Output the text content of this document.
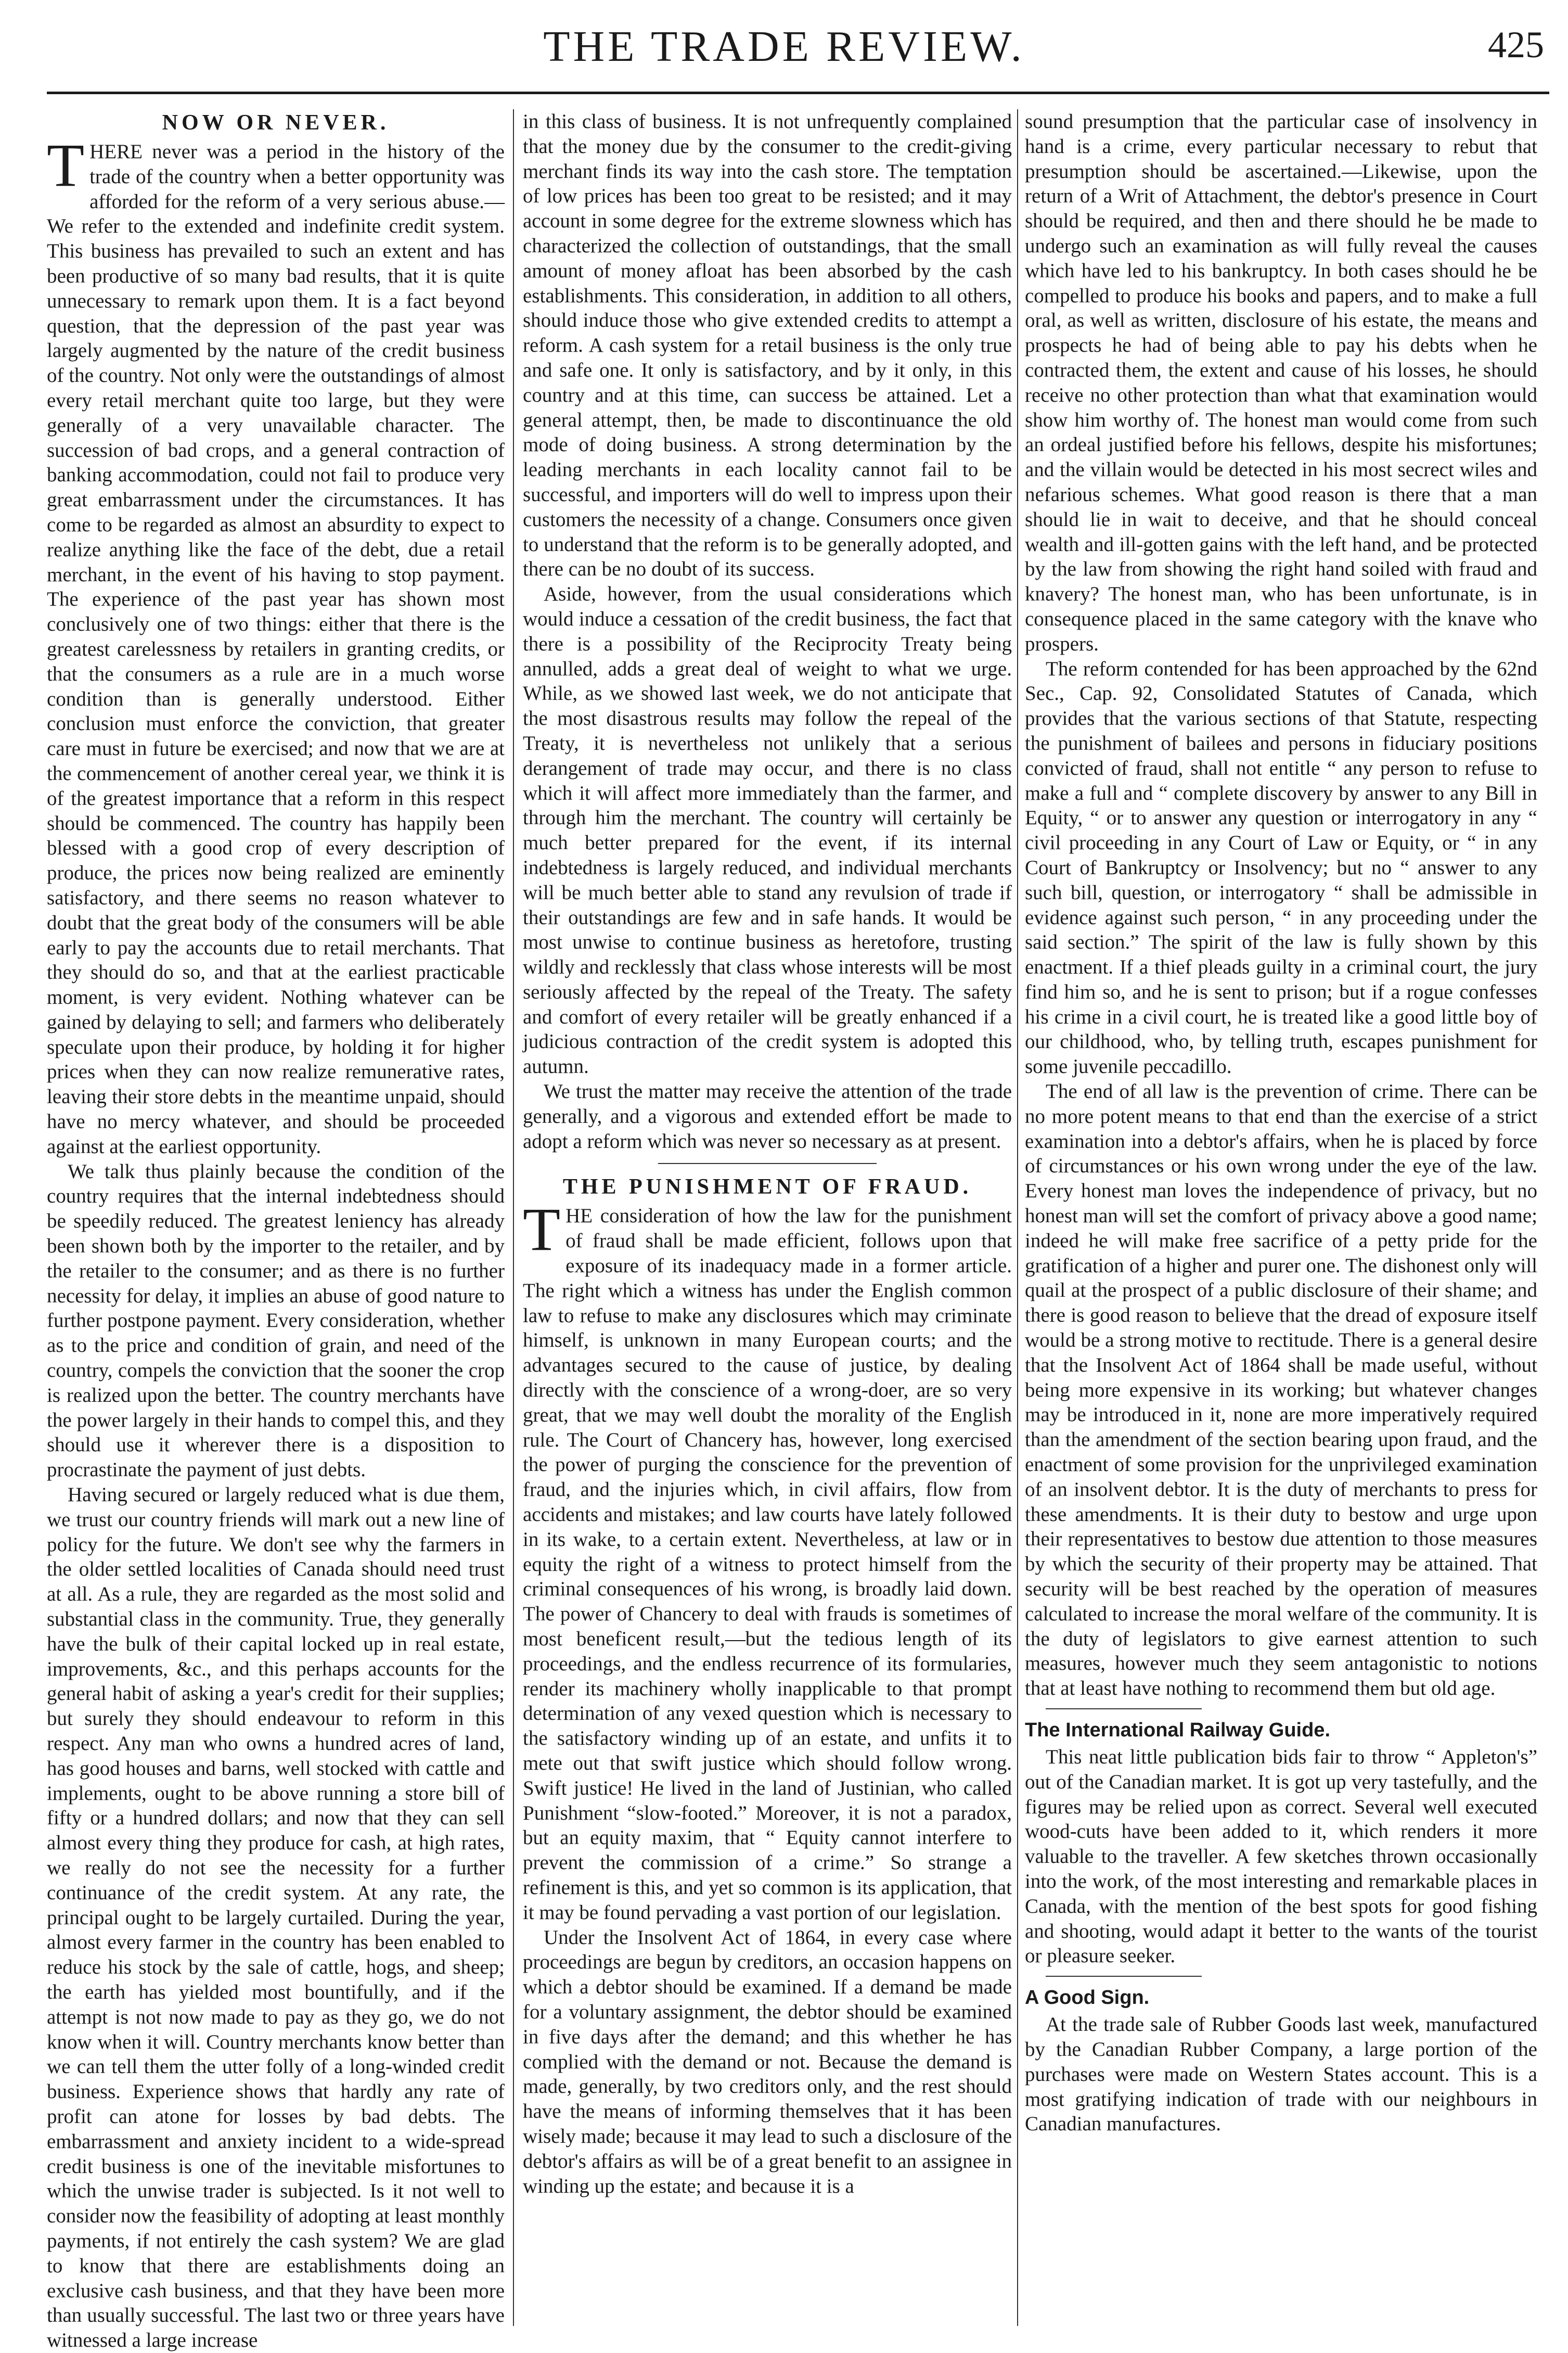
THE TRADE REVIEW.	425
NOW OR NEVER.

THERE never was a period in the history of the trade of the country when a better opportunity was afforded for the reform of a very serious abuse.—We refer to the extended and indefinite credit system. This business has prevailed to such an extent and has been productive of so many bad results, that it is quite unnecessary to remark upon them. It is a fact beyond question, that the depression of the past year was largely augmented by the nature of the credit business of the country. Not only were the outstandings of almost every retail merchant quite too large, but they were generally of a very unavailable character. The succession of bad crops, and a general contraction of banking accommodation, could not fail to produce very great embarrassment under the circumstances. It has come to be regarded as almost an absurdity to expect to realize anything like the face of the debt, due a retail merchant, in the event of his having to stop payment. The experience of the past year has shown most conclusively one of two things: either that there is the greatest carelessness by retailers in granting credits, or that the consumers as a rule are in a much worse condition than is generally understood. Either conclusion must enforce the conviction, that greater care must in future be exercised; and now that we are at the commencement of another cereal year, we think it is of the greatest importance that a reform in this respect should be commenced. The country has happily been blessed with a good crop of every description of produce, the prices now being realized are eminently satisfactory, and there seems no reason whatever to doubt that the great body of the consumers will be able early to pay the accounts due to retail merchants. That they should do so, and that at the earliest practicable moment, is very evident. Nothing whatever can be gained by delaying to sell; and farmers who deliberately speculate upon their produce, by holding it for higher prices when they can now realize remunerative rates, leaving their store debts in the meantime unpaid, should have no mercy whatever, and should be proceeded against at the earliest opportunity.

We talk thus plainly because the condition of the country requires that the internal indebtedness should be speedily reduced. The greatest leniency has already been shown both by the importer to the retailer, and by the retailer to the consumer; and as there is no further necessity for delay, it implies an abuse of good nature to further postpone payment. Every consideration, whether as to the price and condition of grain, and need of the country, compels the conviction that the sooner the crop is realized upon the better. The country merchants have the power largely in their hands to compel this, and they should use it wherever there is a disposition to procrastinate the payment of just debts.

Having secured or largely reduced what is due them, we trust our country friends will mark out a new line of policy for the future. We don't see why the farmers in the older settled localities of Canada should need trust at all. As a rule, they are regarded as the most solid and substantial class in the community. True, they generally have the bulk of their capital locked up in real estate, improvements, &c., and this perhaps accounts for the general habit of asking a year's credit for their supplies; but surely they should endeavour to reform in this respect. Any man who owns a hundred acres of land, has good houses and barns, well stocked with cattle and implements, ought to be above running a store bill of fifty or a hundred dollars; and now that they can sell almost every thing they produce for cash, at high rates, we really do not see the necessity for a further continuance of the credit system. At any rate, the principal ought to be largely curtailed. During the year, almost every farmer in the country has been enabled to reduce his stock by the sale of cattle, hogs, and sheep; the earth has yielded most bountifully, and if the attempt is not now made to pay as they go, we do not know when it will. Country merchants know better than we can tell them the utter folly of a long-winded credit business. Experience shows that hardly any rate of profit can atone for losses by bad debts. The embarrassment and anxiety incident to a wide-spread credit business is one of the inevitable misfortunes to which the unwise trader is subjected. Is it not well to consider now the feasibility of adopting at least monthly payments, if not entirely the cash system? We are glad to know that there are establishments doing an exclusive cash business, and that they have been more than usually successful. The last two or three years have witnessed a large increase

in this class of business. It is not unfrequently complained that the money due by the consumer to the credit-giving merchant finds its way into the cash store. The temptation of low prices has been too great to be resisted; and it may account in some degree for the extreme slowness which has characterized the collection of outstandings, that the small amount of money afloat has been absorbed by the cash establishments. This consideration, in addition to all others, should induce those who give extended credits to attempt a reform. A cash system for a retail business is the only true and safe one. It only is satisfactory, and by it only, in this country and at this time, can success be attained. Let a general attempt, then, be made to discontinuance the old mode of doing business. A strong determination by the leading merchants in each locality cannot fail to be successful, and importers will do well to impress upon their customers the necessity of a change. Consumers once given to understand that the reform is to be generally adopted, and there can be no doubt of its success.

Aside, however, from the usual considerations which would induce a cessation of the credit business, the fact that there is a possibility of the Reciprocity Treaty being annulled, adds a great deal of weight to what we urge. While, as we showed last week, we do not anticipate that the most disastrous results may follow the repeal of the Treaty, it is nevertheless not unlikely that a serious derangement of trade may occur, and there is no class which it will affect more immediately than the farmer, and through him the merchant. The country will certainly be much better prepared for the event, if its internal indebtedness is largely reduced, and individual merchants will be much better able to stand any revulsion of trade if their outstandings are few and in safe hands. It would be most unwise to continue business as heretofore, trusting wildly and recklessly that class whose interests will be most seriously affected by the repeal of the Treaty. The safety and comfort of every retailer will be greatly enhanced if a judicious contraction of the credit system is adopted this autumn.

We trust the matter may receive the attention of the trade generally, and a vigorous and extended effort be made to adopt a reform which was never so necessary as at present.

THE PUNISHMENT OF FRAUD.

THE consideration of how the law for the punishment of fraud shall be made efficient, follows upon that exposure of its inadequacy made in a former article. The right which a witness has under the English common law to refuse to make any disclosures which may criminate himself, is unknown in many European courts; and the advantages secured to the cause of justice, by dealing directly with the conscience of a wrong-doer, are so very great, that we may well doubt the morality of the English rule. The Court of Chancery has, however, long exercised the power of purging the conscience for the prevention of fraud, and the injuries which, in civil affairs, flow from accidents and mistakes; and law courts have lately followed in its wake, to a certain extent. Nevertheless, at law or in equity the right of a witness to protect himself from the criminal consequences of his wrong, is broadly laid down. The power of Chancery to deal with frauds is sometimes of most beneficent result,—but the tedious length of its proceedings, and the endless recurrence of its formularies, render its machinery wholly inapplicable to that prompt determination of any vexed question which is necessary to the satisfactory winding up of an estate, and unfits it to mete out that swift justice which should follow wrong. Swift justice! He lived in the land of Justinian, who called Punishment “slow-footed.” Moreover, it is not a paradox, but an equity maxim, that “ Equity cannot interfere to prevent the commission of a crime.” So strange a refinement is this, and yet so common is its application, that it may be found pervading a vast portion of our legislation.

Under the Insolvent Act of 1864, in every case where proceedings are begun by creditors, an occasion happens on which a debtor should be examined. If a demand be made for a voluntary assignment, the debtor should be examined in five days after the demand; and this whether he has complied with the demand or not. Because the demand is made, generally, by two creditors only, and the rest should have the means of informing themselves that it has been wisely made; because it may lead to such a disclosure of the debtor's affairs as will be of a great benefit to an assignee in winding up the estate; and because it is a

sound presumption that the particular case of insolvency in hand is a crime, every particular necessary to rebut that presumption should be ascertained.—Likewise, upon the return of a Writ of Attachment, the debtor's presence in Court should be required, and then and there should he be made to undergo such an examination as will fully reveal the causes which have led to his bankruptcy. In both cases should he be compelled to produce his books and papers, and to make a full oral, as well as written, disclosure of his estate, the means and prospects he had of being able to pay his debts when he contracted them, the extent and cause of his losses, he should receive no other protection than what that examination would show him worthy of. The honest man would come from such an ordeal justified before his fellows, despite his misfortunes; and the villain would be detected in his most secrect wiles and nefarious schemes. What good reason is there that a man should lie in wait to deceive, and that he should conceal wealth and ill-gotten gains with the left hand, and be protected by the law from showing the right hand soiled with fraud and knavery? The honest man, who has been unfortunate, is in consequence placed in the same category with the knave who prospers.

The reform contended for has been approached by the 62nd Sec., Cap. 92, Consolidated Statutes of Canada, which provides that the various sections of that Statute, respecting the punishment of bailees and persons in fiduciary positions convicted of fraud, shall not entitle “ any person to refuse to make a full and “ complete discovery by answer to any Bill in Equity, “ or to answer any question or interrogatory in any “ civil proceeding in any Court of Law or Equity, or “ in any Court of Bankruptcy or Insolvency; but no “ answer to any such bill, question, or interrogatory “ shall be admissible in evidence against such person, “ in any proceeding under the said section.” The spirit of the law is fully shown by this enactment. If a thief pleads guilty in a criminal court, the jury find him so, and he is sent to prison; but if a rogue confesses his crime in a civil court, he is treated like a good little boy of our childhood, who, by telling truth, escapes punishment for some juvenile peccadillo.

The end of all law is the prevention of crime. There can be no more potent means to that end than the exercise of a strict examination into a debtor's affairs, when he is placed by force of circumstances or his own wrong under the eye of the law. Every honest man loves the independence of privacy, but no honest man will set the comfort of privacy above a good name; indeed he will make free sacrifice of a petty pride for the gratification of a higher and purer one. The dishonest only will quail at the prospect of a public disclosure of their shame; and there is good reason to believe that the dread of exposure itself would be a strong motive to rectitude. There is a general desire that the Insolvent Act of 1864 shall be made useful, without being more expensive in its working; but whatever changes may be introduced in it, none are more imperatively required than the amendment of the section bearing upon fraud, and the enactment of some provision for the unprivileged examination of an insolvent debtor. It is the duty of merchants to press for these amendments. It is their duty to bestow and urge upon their representatives to bestow due attention to those measures by which the security of their property may be attained. That security will be best reached by the operation of measures calculated to increase the moral welfare of the community. It is the duty of legislators to give earnest attention to such measures, however much they seem antagonistic to notions that at least have nothing to recommend them but old age.

The International Railway Guide.

This neat little publication bids fair to throw “ Appleton's” out of the Canadian market. It is got up very tastefully, and the figures may be relied upon as correct. Several well executed wood-cuts have been added to it, which renders it more valuable to the traveller. A few sketches thrown occasionally into the work, of the most interesting and remarkable places in Canada, with the mention of the best spots for good fishing and shooting, would adapt it better to the wants of the tourist or pleasure seeker.

A Good Sign.

At the trade sale of Rubber Goods last week, manufactured by the Canadian Rubber Company, a large portion of the purchases were made on Western States account. This is a most gratifying indication of trade with our neighbours in Canadian manufactures.
